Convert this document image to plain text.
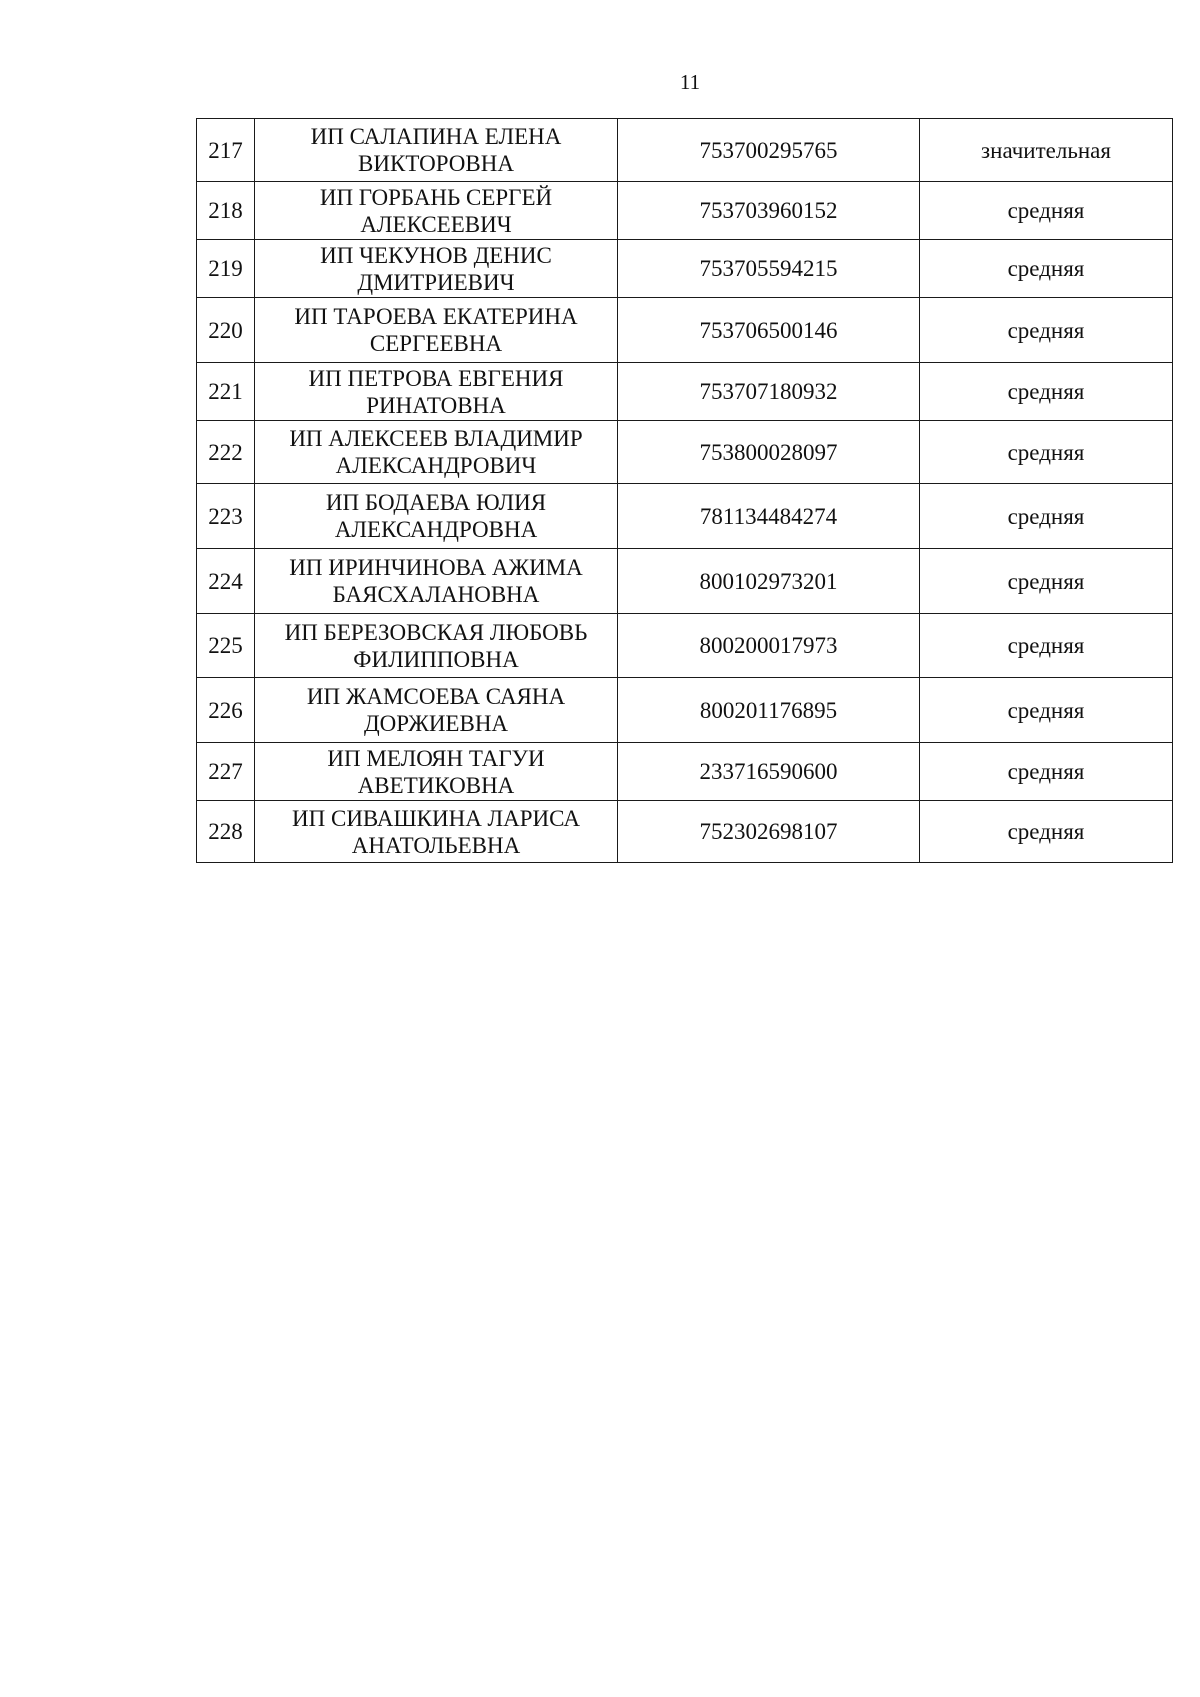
11
217	ИП САЛАПИНА ЕЛЕНА ВИКТОРОВНА	753700295765	значительная
218	ИП ГОРБАНЬ СЕРГЕЙ АЛЕКСЕЕВИЧ	753703960152	средняя
219	ИП ЧЕКУНОВ ДЕНИС ДМИТРИЕВИЧ	753705594215	средняя
220	ИП ТАРОЕВА ЕКАТЕРИНА СЕРГЕЕВНА	753706500146	средняя
221	ИП ПЕТРОВА ЕВГЕНИЯ РИНАТОВНА	753707180932	средняя
222	ИП АЛЕКСЕЕВ ВЛАДИМИР АЛЕКСАНДРОВИЧ	753800028097	средняя
223	ИП БОДАЕВА ЮЛИЯ АЛЕКСАНДРОВНА	781134484274	средняя
224	ИП ИРИНЧИНОВА АЖИМА БАЯСХАЛАНОВНА	800102973201	средняя
225	ИП БЕРЕЗОВСКАЯ ЛЮБОВЬ ФИЛИППОВНА	800200017973	средняя
226	ИП ЖАМСОЕВА САЯНА ДОРЖИЕВНА	800201176895	средняя
227	ИП МЕЛОЯН ТАГУИ АВЕТИКОВНА	233716590600	средняя
228	ИП СИВАШКИНА ЛАРИСА АНАТОЛЬЕВНА	752302698107	средняя
